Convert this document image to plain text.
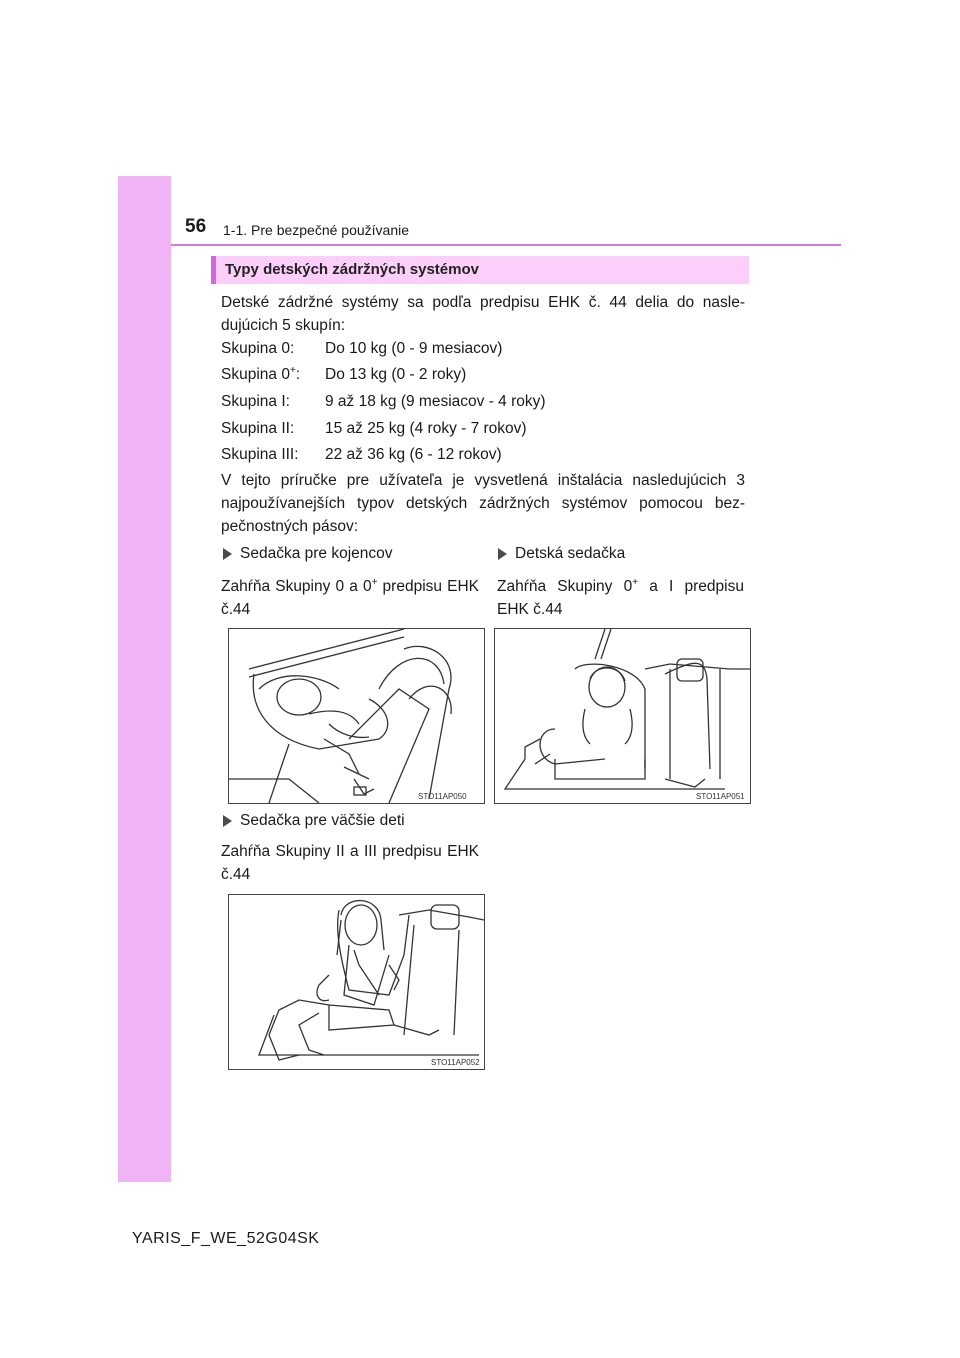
56 1-1. Pre bezpečné používanie
Typy detských zádržných systémov
Detské zádržné systémy sa podľa predpisu EHK č. 44 delia do nasle-dujúcich 5 skupín:
Skupina 0: Do 10 kg (0 - 9 mesiacov)
Skupina 0+: Do 13 kg (0 - 2 roky)
Skupina I: 9 až 18 kg (9 mesiacov - 4 roky)
Skupina II: 15 až 25 kg (4 roky - 7 rokov)
Skupina III: 22 až 36 kg (6 - 12 rokov)
V tejto príručke pre užívateľa je vysvetlená inštalácia nasledujúcich 3 najpoužívanejších typov detských zádržných systémov pomocou bez-pečnostných pásov:
Sedačka pre kojencov
Zahŕňa Skupiny 0 a 0+ predpisu EHK č.44
Detská sedačka
Zahŕňa Skupiny 0+ a I predpisu EHK č.44
STO11AP050	STO11AP051
Sedačka pre väčšie deti
Zahŕňa Skupiny II a III predpisu EHK č.44
STO11AP052
YARIS_F_WE_52G04SK
